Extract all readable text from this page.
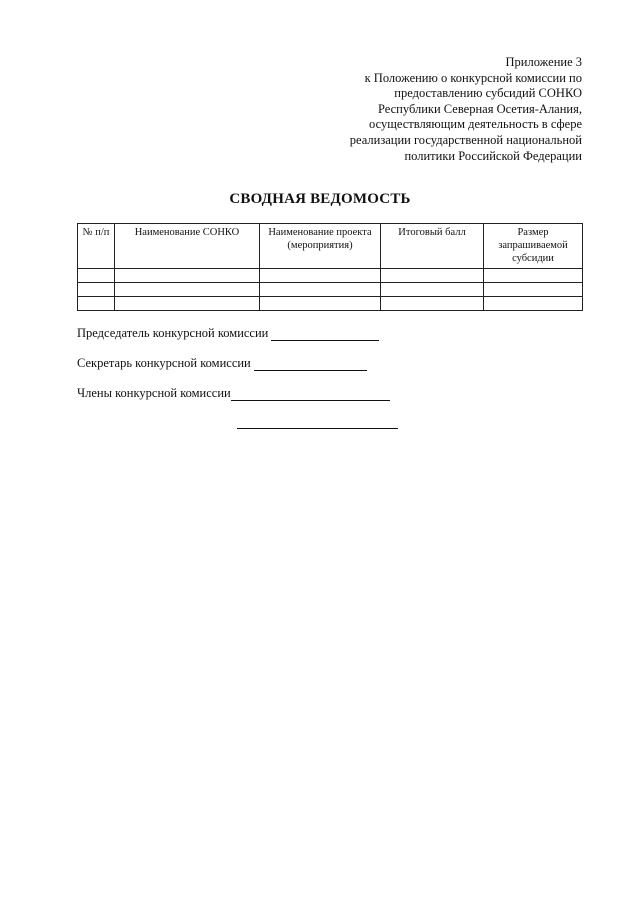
Приложение 3
к Положению о конкурсной комиссии по
предоставлению субсидий СОНКО
Республики Северная Осетия-Алания,
осуществляющим деятельность в сфере
реализации государственной национальной
политики Российской Федерации
СВОДНАЯ ВЕДОМОСТЬ
№ п/п	Наименование СОНКО	Наименование проекта (мероприятия)	Итоговый балл	Размер запрашиваемой субсидии

Председатель конкурсной комиссии
Секретарь конкурсной комиссии
Члены конкурсной комиссии
